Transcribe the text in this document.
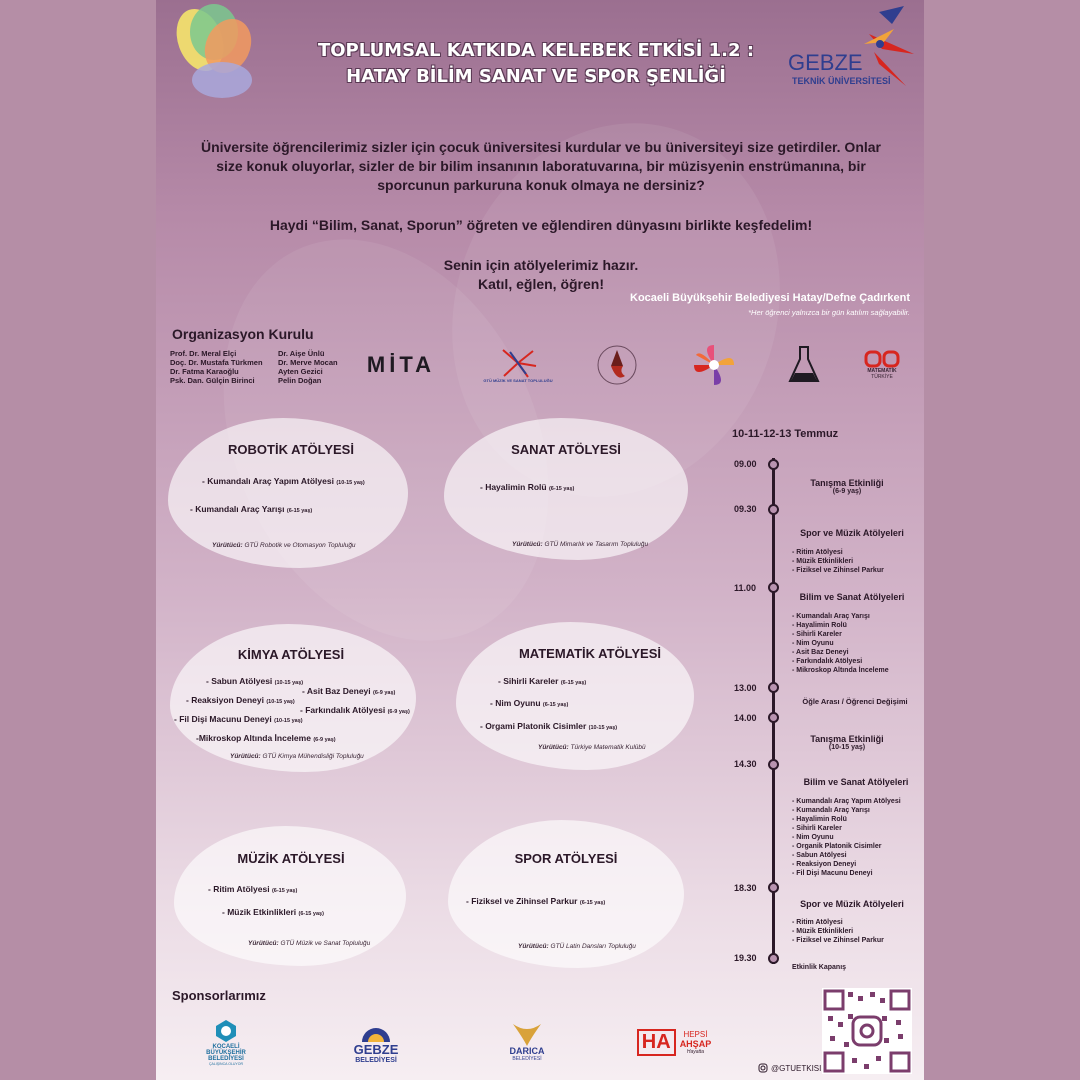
TOPLUMSAL KATKIDA KELEBEK ETKİSİ 1.2 :
HATAY BİLİM SANAT VE SPOR ŞENLİĞİ
GEBZE
TEKNİK ÜNİVERSİTESİ

Üniversite öğrencilerimiz sizler için çocuk üniversitesi kurdular ve bu üniversiteyi size getirdiler. Onlar size konuk oluyorlar, sizler de bir bilim insanının laboratuvarına, bir müzisyenin enstrümanına, bir sporcunun parkuruna konuk olmaya ne dersiniz?

Haydi “Bilim, Sanat, Sporun” öğreten ve eğlendiren dünyasını birlikte keşfedelim!

Senin için atölyelerimiz hazır.
Katıl, eğlen, öğren!
Kocaeli Büyükşehir Belediyesi Hatay/Defne Çadırkent
*Her öğrenci yalnızca bir gün katılım sağlayabilir.
Organizasyon Kurulu
Prof. Dr. Meral Elçi
Doç. Dr. Mustafa Türkmen
Dr. Fatma Karaoğlu
Psk. Dan. Gülçin Birinci
Dr. Aişe Ünlü
Dr. Merve Mocan
Ayten Gezici
Pelin Doğan
MİTA
GTÜ MÜZİK VE SANAT TOPLULUĞU
MATEMATİK
TÜRKİYE
ROBOTİK ATÖLYESİ
- Kumandalı Araç Yapım Atölyesi (10-15 yaş)
- Kumandalı Araç Yarışı (6-15 yaş)
Yürütücü: GTÜ Robotik ve Otomasyon Topluluğu
SANAT ATÖLYESİ
- Hayalimin Rolü (6-15 yaş)
Yürütücü: GTÜ Mimarlık ve Tasarım Topluluğu
KİMYA ATÖLYESİ
- Sabun Atölyesi (10-15 yaş)
- Asit Baz Deneyi (6-9 yaş)
- Reaksiyon Deneyi (10-15 yaş)
- Farkındalık Atölyesi (6-9 yaş)
- Fil Dişi Macunu Deneyi (10-15 yaş)
-Mikroskop Altında İnceleme (6-9 yaş)
Yürütücü: GTÜ Kimya Mühendisliği Topluluğu
MATEMATİK ATÖLYESİ
- Sihirli Kareler (6-15 yaş)
- Nim Oyunu (6-15 yaş)
- Orgami Platonik Cisimler (10-15 yaş)
Yürütücü: Türkiye Matematik Kulübü
MÜZİK ATÖLYESİ
- Ritim Atölyesi (6-15 yaş)
- Müzik Etkinlikleri (6-15 yaş)
Yürütücü: GTÜ Müzik ve Sanat Topluluğu
SPOR ATÖLYESİ
- Fiziksel ve Zihinsel Parkur (6-15 yaş)
Yürütücü: GTÜ Latin Dansları Topluluğu
10-11-12-13 Temmuz
09.00
09.30
11.00
13.00
14.00
14.30
18.30
19.30
Tanışma Etkinliği
(6-9 yaş)
Spor ve Müzik Atölyeleri
- Ritim Atölyesi
- Müzik Etkinlikleri
- Fiziksel ve Zihinsel Parkur
Bilim ve Sanat Atölyeleri
- Kumandalı Araç Yarışı
- Hayalimin Rolü
- Sihirli Kareler
- Nim Oyunu
- Asit Baz Deneyi
- Farkındalık Atölyesi
- Mikroskop Altında İnceleme
Öğle Arası / Öğrenci Değişimi
Tanışma Etkinliği
(10-15 yaş)
Bilim ve Sanat Atölyeleri
- Kumandalı Araç Yapım Atölyesi
- Kumandalı Araç Yarışı
- Hayalimin Rolü
- Sihirli Kareler
- Nim Oyunu
- Organik Platonik Cisimler
- Sabun Atölyesi
- Reaksiyon Deneyi
- Fil Dişi Macunu Deneyi
Spor ve Müzik Atölyeleri
- Ritim Atölyesi
- Müzik Etkinlikleri
- Fiziksel ve Zihinsel Parkur
Etkinlik Kapanış
Sponsorlarımız
KOCAELİ
BÜYÜKŞEHİR
BELEDİYESİ
ÇALIŞINCA OLUYOR
GEBZE
BELEDİYESİ
DARICA
BELEDİYESİ
HA	HEPSİ
AHŞAP
Hayatta
@GTUETKISI
